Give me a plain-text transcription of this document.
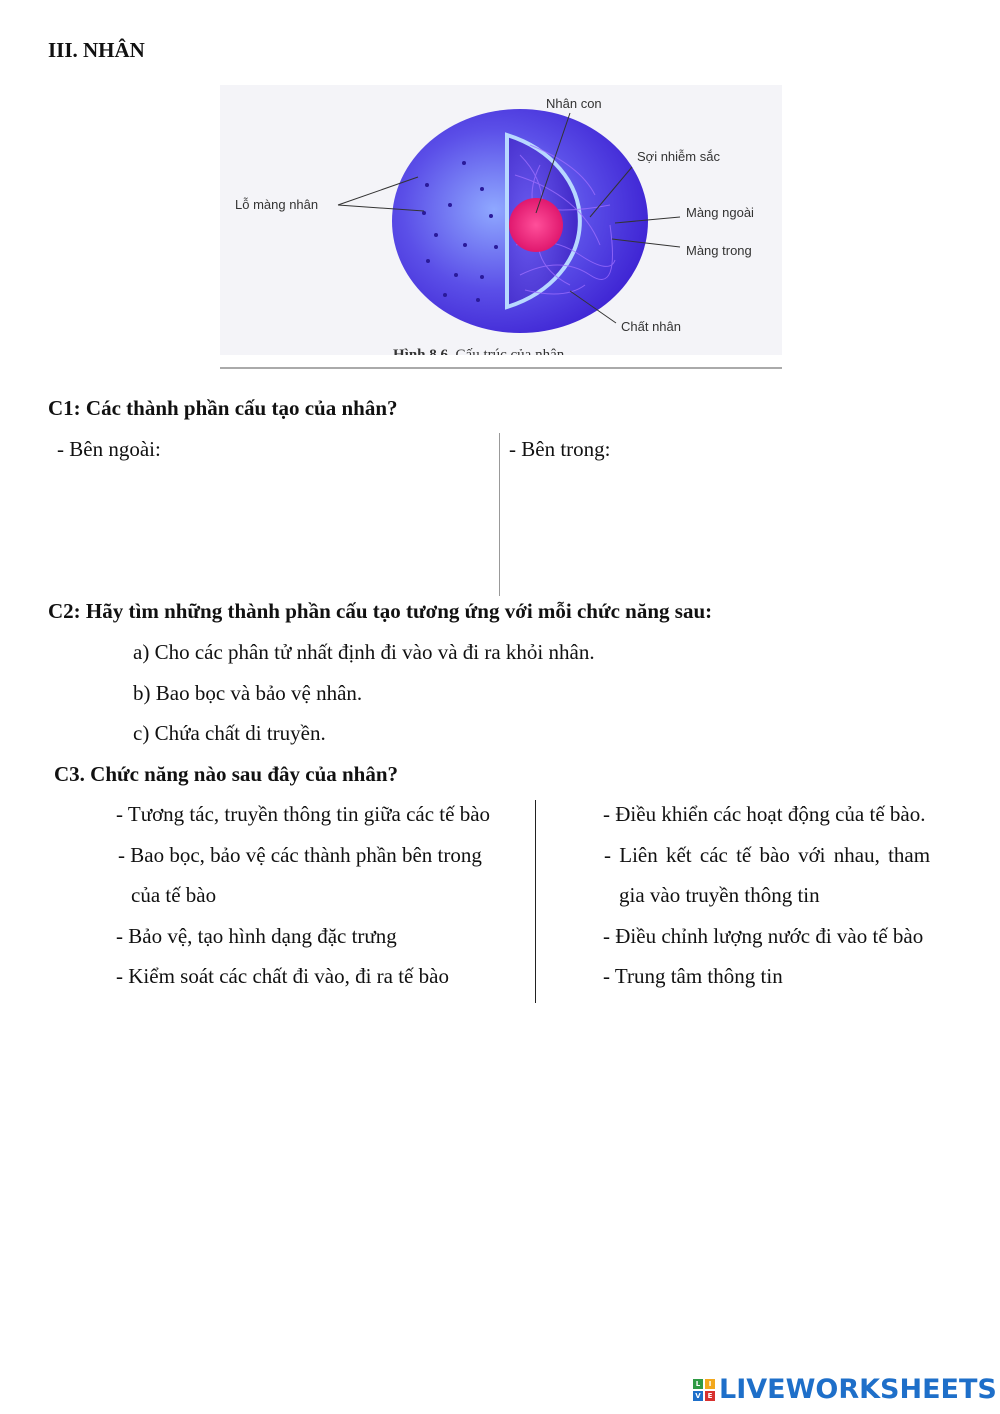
III. NHÂN
Nhân con
Sợi nhiễm sắc
Màng ngoài
Màng trong
Lỗ màng nhân
Chất nhân
C1: Các thành phần cấu tạo của nhân?
- Bên ngoài:	- Bên trong:
C2: Hãy tìm những thành phần cấu tạo tương ứng với mỗi chức năng sau:
a) Cho các phân tử nhất định đi vào và đi ra khỏi nhân.
b) Bao bọc và bảo vệ nhân.
c) Chứa chất di truyền.
C3. Chức năng nào sau đây của nhân?
- Tương tác, truyền thông tin giữa các tế bào
- Bao bọc, bảo vệ các thành phần bên trong
của tế bào
- Bảo vệ, tạo hình dạng đặc trưng
- Kiểm soát các chất đi vào, đi ra tế bào
- Điều khiển các hoạt động của tế bào.
- Liên kết các tế bào với nhau, tham
gia vào truyền thông tin
- Điều chỉnh lượng nước đi vào tế bào
- Trung tâm thông tin
L	I
V E LIVEWORKSHEETS
